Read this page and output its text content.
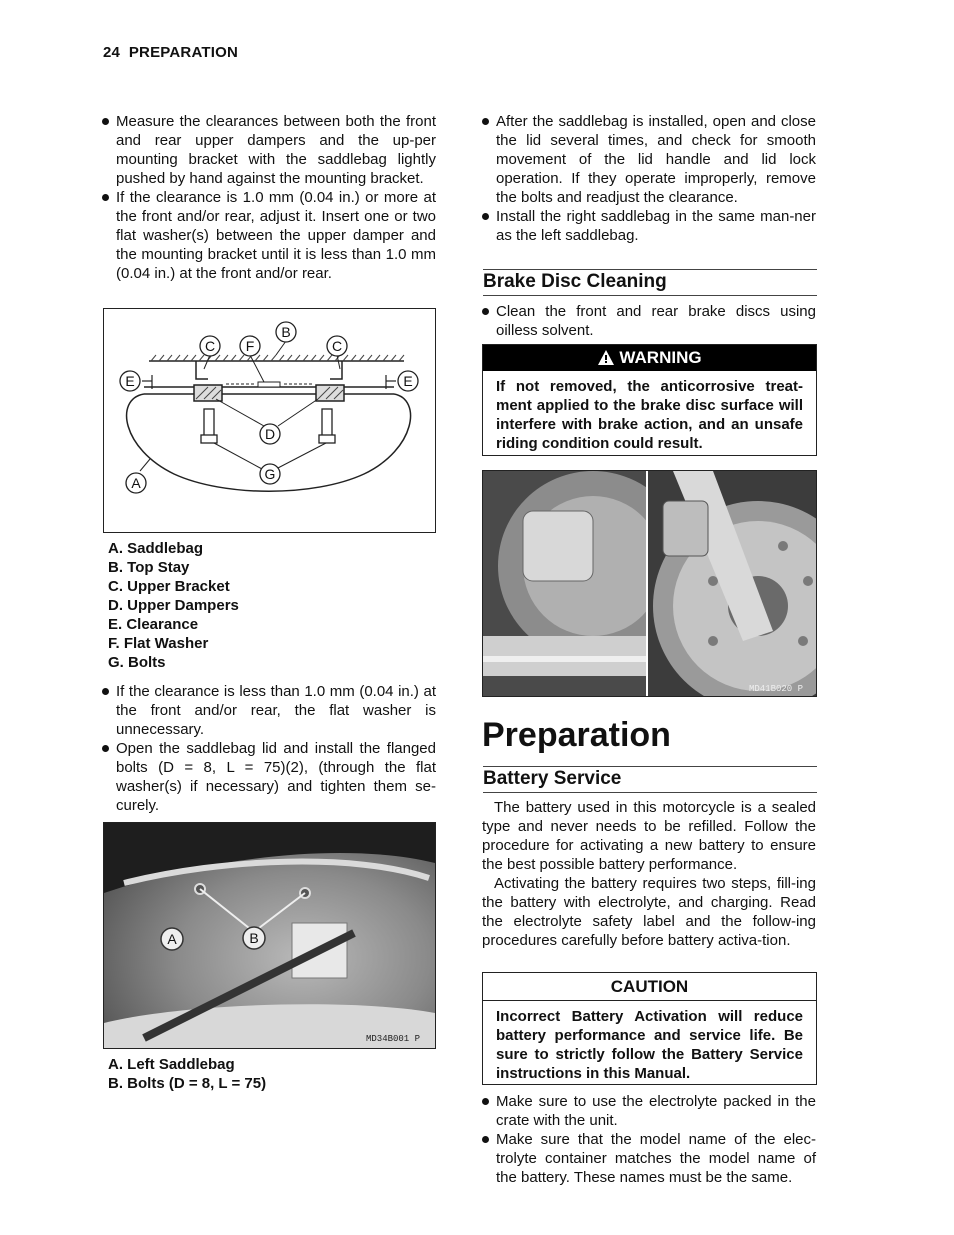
24 PREPARATION
Measure the clearances between both the front and rear upper dampers and the up-per mounting bracket with the saddlebag lightly pushed by hand against the mounting bracket.
If the clearance is 1.0 mm (0.04 in.) or more at the front and/or rear, adjust it. Insert one or two flat washer(s) between the upper damper and the mounting bracket until it is less than 1.0 mm (0.04 in.) at the front and/or rear.
C F
B
C
E	E
D
G
A
A. Saddlebag
B. Top Stay
C. Upper Bracket
D. Upper Dampers
E. Clearance
F. Flat Washer
G. Bolts
If the clearance is less than 1.0 mm (0.04 in.) at the front and/or rear, the flat washer is unnecessary.
Open the saddlebag lid and install the flanged bolts (D = 8, L = 75)(2), (through the flat washer(s) if necessary) and tighten them se-curely.
A	B
MD34B001 P
A. Left Saddlebag
B. Bolts (D = 8, L = 75)
After the saddlebag is installed, open and close the lid several times, and check for smooth movement of the lid handle and lid lock operation. If they operate improperly, remove the bolts and readjust the clearance.
Install the right saddlebag in the same man-ner as the left saddlebag.
Brake Disc Cleaning
Clean the front and rear brake discs using oilless solvent.
WARNING
If not removed, the anticorrosive treat-ment applied to the brake disc surface will interfere with brake action, and an unsafe riding condition could result.
MD41B020 P
Preparation
Battery Service
The battery used in this motorcycle is a sealed type and never needs to be refilled. Follow the procedure for activating a new battery to ensure the best possible battery performance.
Activating the battery requires two steps, fill-ing the battery with electrolyte, and charging. Read the electrolyte safety label and the follow-ing procedures carefully before battery activa-tion.
CAUTION
Incorrect Battery Activation will reduce battery performance and service life. Be sure to strictly follow the Battery Service instructions in this Manual.
Make sure to use the electrolyte packed in the crate with the unit.
Make sure that the model name of the elec-trolyte container matches the model name of the battery. These names must be the same.
